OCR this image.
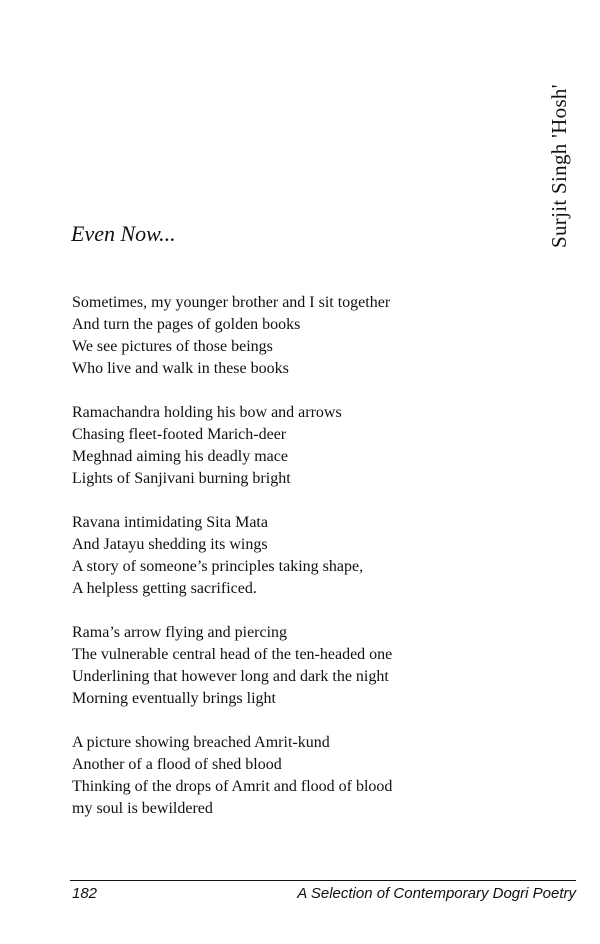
Surjit Singh 'Hosh'
Even Now...

Sometimes, my younger brother and I sit together
And turn the pages of golden books
We see pictures of those beings
Who live and walk in these books

Ramachandra holding his bow and arrows
Chasing fleet-footed Marich-deer
Meghnad aiming his deadly mace
Lights of Sanjivani burning bright

Ravana intimidating Sita Mata
And Jatayu shedding its wings
A story of someone’s principles taking shape,
A helpless getting sacrificed.

Rama’s arrow flying and piercing
The vulnerable central head of the ten-headed one
Underlining that however long and dark the night
Morning eventually brings light

A picture showing breached Amrit-kund
Another of a flood of shed blood
Thinking of the drops of Amrit and flood of blood
my soul is bewildered

182	A Selection of Contemporary Dogri Poetry
